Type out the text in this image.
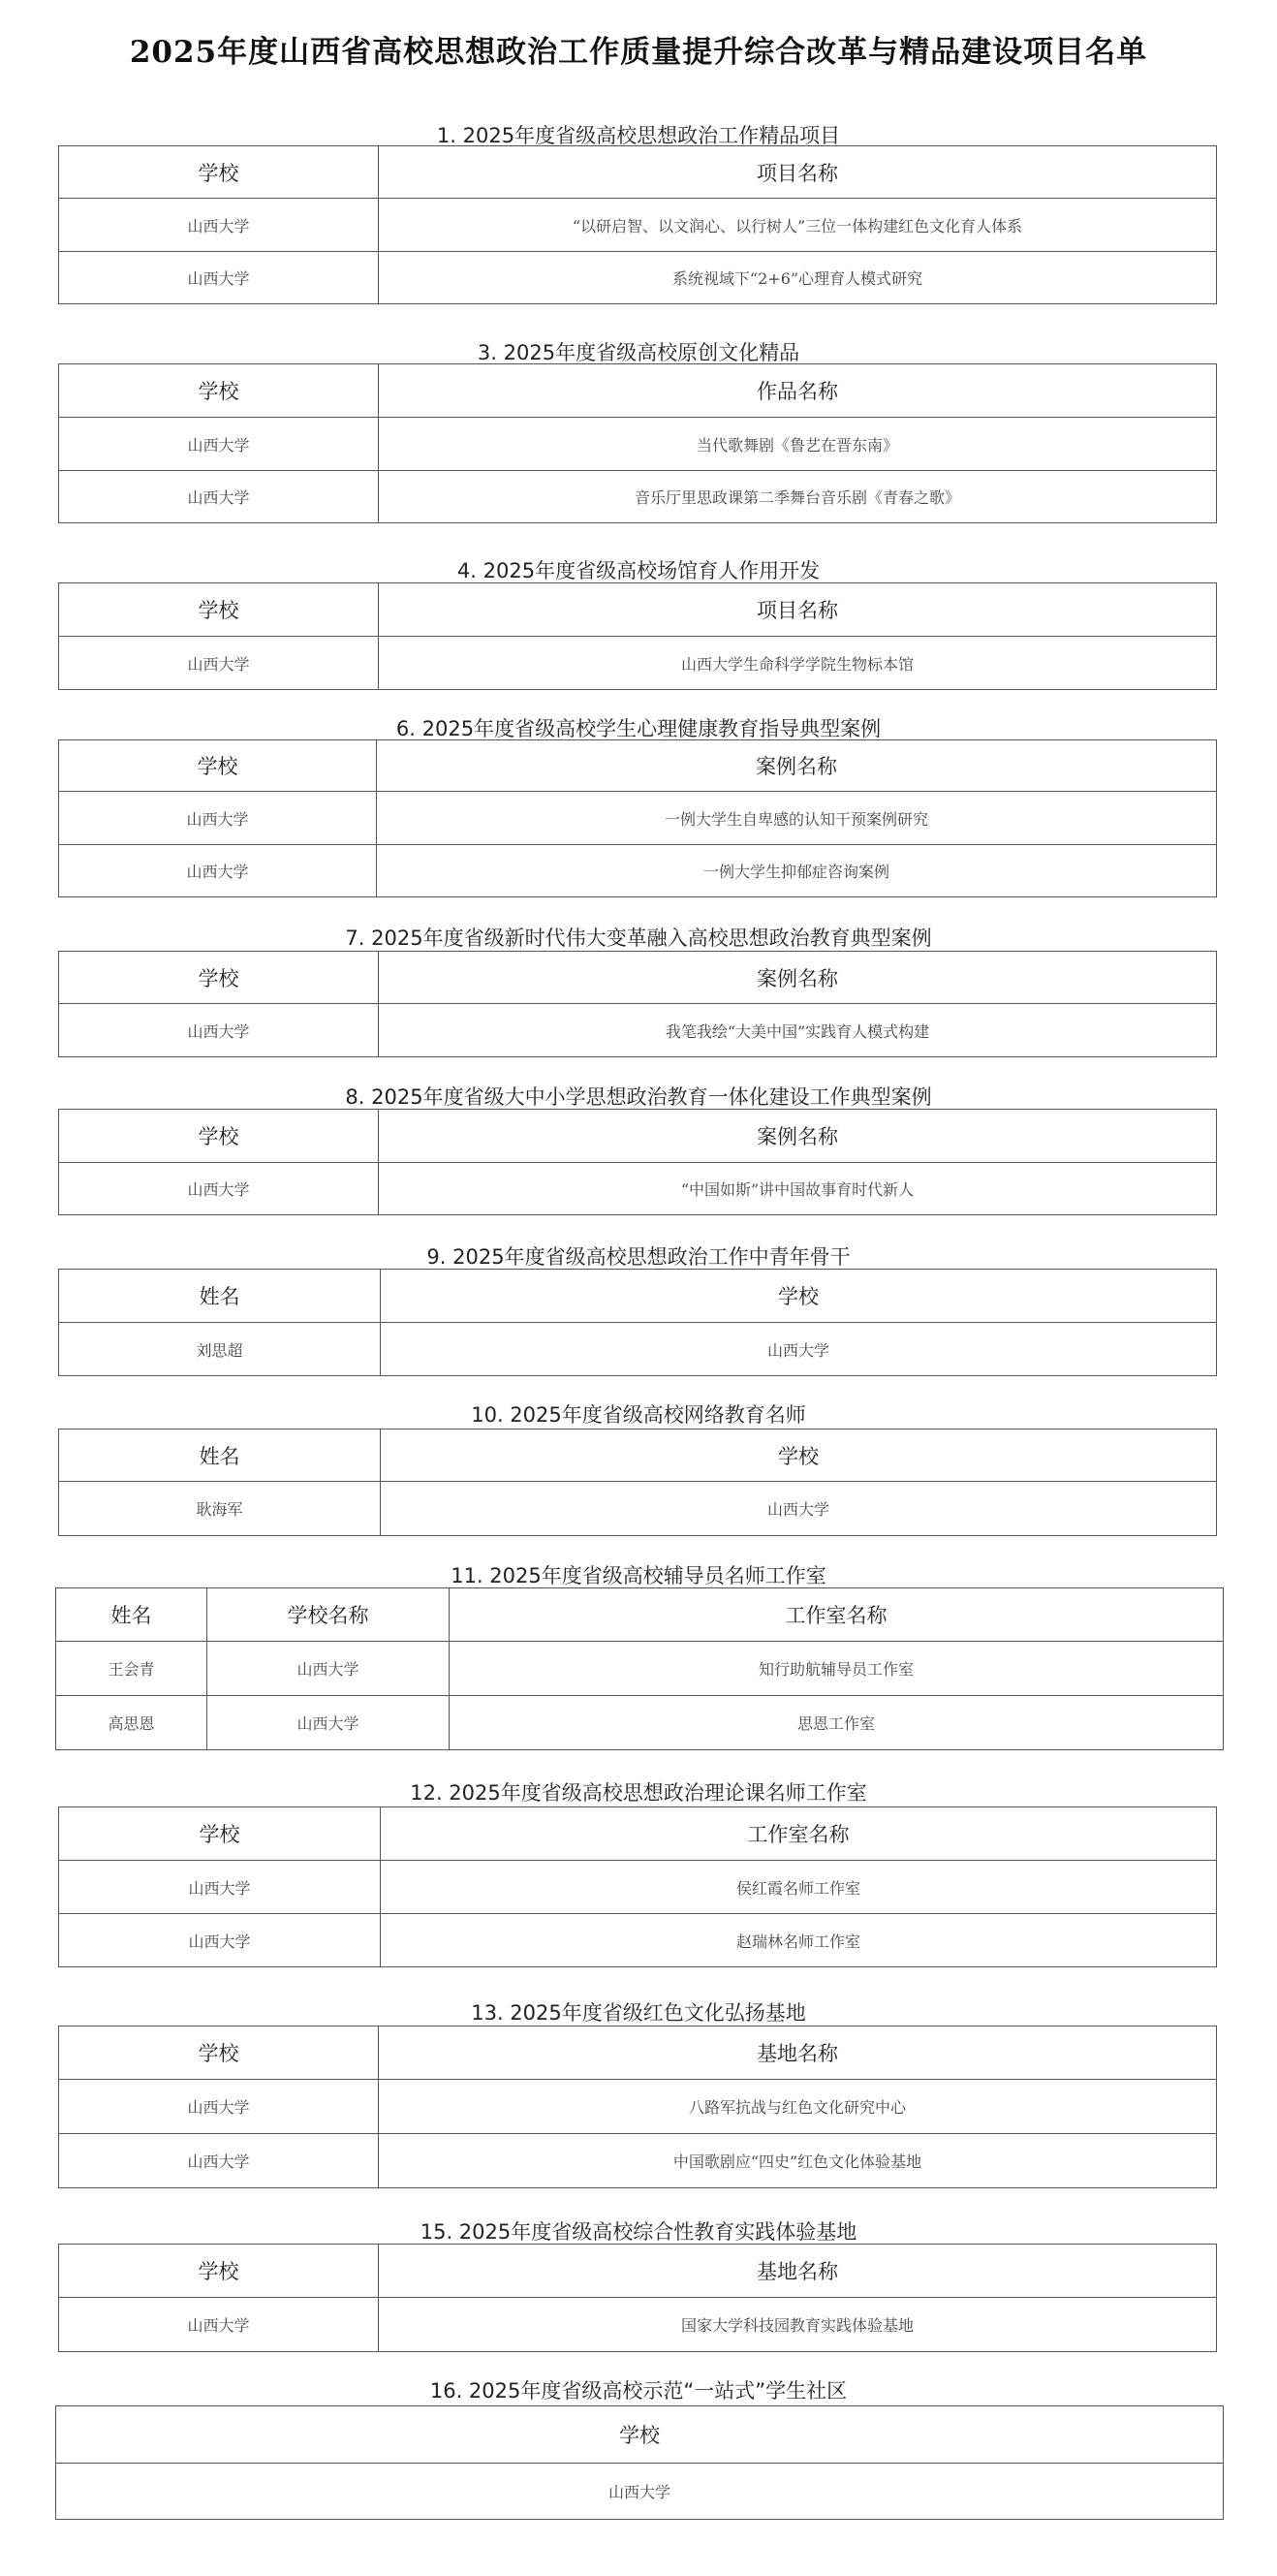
2025年度山西省高校思想政治工作质量提升综合改革与精品建设项目名单
1. 2025年度省级高校思想政治工作精品项目
学校	项目名称
山西大学	“以研启智、以文润心、以行树人”三位一体构建红色文化育人体系
山西大学	系统视域下“2+6”心理育人模式研究
3. 2025年度省级高校原创文化精品
学校	作品名称
山西大学	当代歌舞剧《鲁艺在晋东南》
山西大学	音乐厅里思政课第二季舞台音乐剧《青春之歌》
4. 2025年度省级高校场馆育人作用开发
学校	项目名称
山西大学	山西大学生命科学学院生物标本馆
6. 2025年度省级高校学生心理健康教育指导典型案例
学校	案例名称
山西大学	一例大学生自卑感的认知干预案例研究
山西大学	一例大学生抑郁症咨询案例
7. 2025年度省级新时代伟大变革融入高校思想政治教育典型案例
学校	案例名称
山西大学	我笔我绘“大美中国”实践育人模式构建
8. 2025年度省级大中小学思想政治教育一体化建设工作典型案例
学校	案例名称
山西大学	“中国如斯”讲中国故事育时代新人
9. 2025年度省级高校思想政治工作中青年骨干
姓名	学校
刘思超	山西大学
10. 2025年度省级高校网络教育名师
姓名	学校
耿海军	山西大学
11. 2025年度省级高校辅导员名师工作室
姓名	学校名称	工作室名称
王会青	山西大学	知行助航辅导员工作室
高思恩	山西大学	思恩工作室
12. 2025年度省级高校思想政治理论课名师工作室
学校	工作室名称
山西大学	侯红霞名师工作室
山西大学	赵瑞林名师工作室
13. 2025年度省级红色文化弘扬基地
学校	基地名称
山西大学	八路军抗战与红色文化研究中心
山西大学	中国歌剧应“四史”红色文化体验基地
15. 2025年度省级高校综合性教育实践体验基地
学校	基地名称
山西大学	国家大学科技园教育实践体验基地
16. 2025年度省级高校示范“一站式”学生社区
学校
山西大学
